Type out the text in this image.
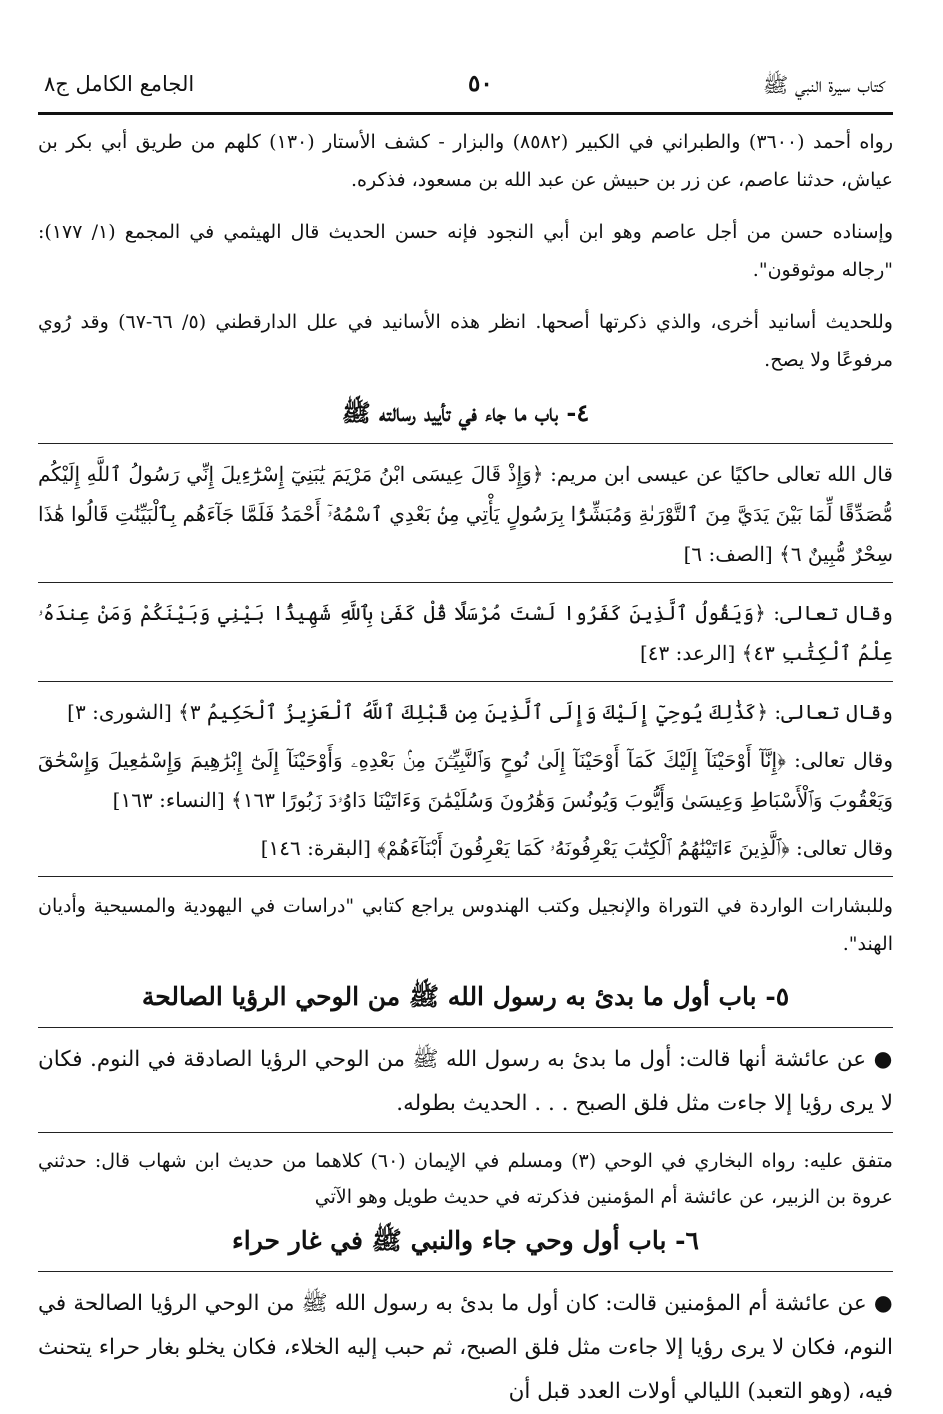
كتاب سيرة النبي ﷺ
٥٠
الجامع الكامل ج٨

رواه أحمد (٣٦٠٠) والطبراني في الكبير (٨٥٨٢) والبزار - كشف الأستار (١٣٠) كلهم من طريق أبي بكر بن عياش، حدثنا عاصم، عن زر بن حبيش عن عبد الله بن مسعود، فذكره.

وإسناده حسن من أجل عاصم وهو ابن أبي النجود فإنه حسن الحديث قال الهيثمي في المجمع (١/ ١٧٧): "رجاله موثوقون".

وللحديث أسانيد أخرى، والذي ذكرتها أصحها. انظر هذه الأسانيد في علل الدارقطني (٥/ ٦٦-٦٧) وقد رُوي مرفوعًا ولا يصح.

٤- باب ما جاء في تأييد رسالته ﷺ

قال الله تعالى حاكيًا عن عيسى ابن مريم: ﴿وَإِذْ قَالَ عِيسَى ابْنُ مَرْيَمَ يَٰبَنِيٓ إِسْرَٰٓءِيلَ إِنِّي رَسُولُ ٱللَّهِ إِلَيْكُم مُّصَدِّقًا لِّمَا بَيْنَ يَدَيَّ مِنَ ٱلتَّوْرَىٰةِ وَمُبَشِّرًۢا بِرَسُولٍ يَأْتِي مِنۢ بَعْدِي ٱسْمُهُۥٓ أَحْمَدُ فَلَمَّا جَآءَهُم بِٱلْبَيِّنَٰتِ قَالُوا هَٰذَا سِحْرٌ مُّبِينٌ ٦﴾ [الصف: ٦]

وقال تعالى: ﴿وَيَقُولُ ٱلَّذِينَ كَفَرُوا لَسْتَ مُرْسَلًا قُلْ كَفَىٰ بِٱللَّهِ شَهِيدًۢا بَيْنِي وَبَيْنَكُمْ وَمَنْ عِندَهُۥ عِلْمُ ٱلْكِتَٰبِ ٤٣﴾ [الرعد: ٤٣]

وقال تعالى: ﴿كَذَٰلِكَ يُوحِيٓ إِلَيْكَ وَإِلَى ٱلَّذِينَ مِن قَبْلِكَ ٱللَّهُ ٱلْعَزِيزُ ٱلْحَكِيمُ ٣﴾ [الشورى: ٣]

وقال تعالى: ﴿إِنَّآ أَوْحَيْنَآ إِلَيْكَ كَمَآ أَوْحَيْنَآ إِلَىٰ نُوحٍ وَٱلنَّبِيِّـۧنَ مِنۢ بَعْدِهِۦ وَأَوْحَيْنَآ إِلَىٰٓ إِبْرَٰهِيمَ وَإِسْمَٰعِيلَ وَإِسْحَٰقَ وَيَعْقُوبَ وَٱلْأَسْبَاطِ وَعِيسَىٰ وَأَيُّوبَ وَيُونُسَ وَهَٰرُونَ وَسُلَيْمَٰنَ وَءَاتَيْنَا دَاوُۥدَ زَبُورًا ١٦٣﴾ [النساء: ١٦٣]

وقال تعالى: ﴿ٱلَّذِينَ ءَاتَيْنَٰهُمُ ٱلْكِتَٰبَ يَعْرِفُونَهُۥ كَمَا يَعْرِفُونَ أَبْنَآءَهُمْ﴾ [البقرة: ١٤٦]

وللبشارات الواردة في التوراة والإنجيل وكتب الهندوس يراجع كتابي "دراسات في اليهودية والمسيحية وأديان الهند".

٥- باب أول ما بدئ به رسول الله ﷺ من الوحي الرؤيا الصالحة

● عن عائشة أنها قالت: أول ما بدئ به رسول الله ﷺ من الوحي الرؤيا الصادقة في النوم. فكان لا يرى رؤيا إلا جاءت مثل فلق الصبح . . . الحديث بطوله.

متفق عليه: رواه البخاري في الوحي (٣) ومسلم في الإيمان (٦٠) كلاهما من حديث ابن شهاب قال: حدثني عروة بن الزبير، عن عائشة أم المؤمنين فذكرته في حديث طويل وهو الآتي

٦- باب أول وحي جاء والنبي ﷺ في غار حراء

● عن عائشة أم المؤمنين قالت: كان أول ما بدئ به رسول الله ﷺ من الوحي الرؤيا الصالحة في النوم، فكان لا يرى رؤيا إلا جاءت مثل فلق الصبح، ثم حبب إليه الخلاء، فكان يخلو بغار حراء يتحنث فيه، (وهو التعبد) الليالي أولات العدد قبل أن
